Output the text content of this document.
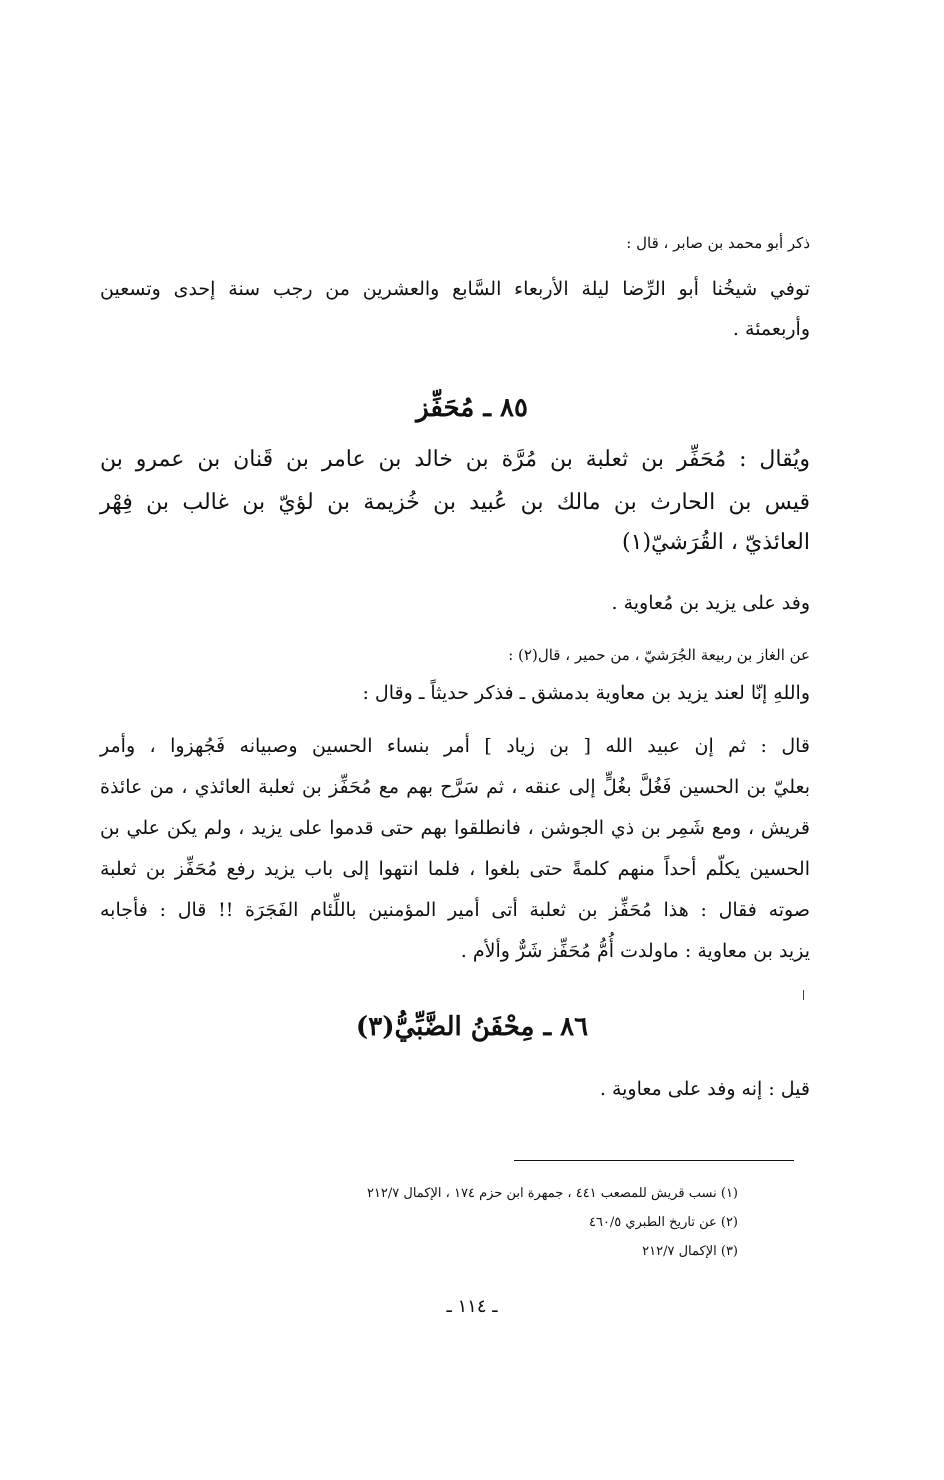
ذكر أبو محمد بن صابر ، قال :
توفي شيخُنا أبو الرِّضا ليلة الأربعاء السَّابع والعشرين من رجب سنة إحدى وتسعين
وأربعمئة .
٨٥ ـ مُحَفِّز
ويُقال : مُحَفِّر بن ثعلبة بن مُرَّة بن خالد بن عامر بن قَنان بن عمرو بن
قيس بن الحارث بن مالك بن عُبيد بن خُزيمة بن لؤيّ بن غالب بن فِهْر
العائذيّ ، القُرَشيّ(١)
وفد على يزيد بن مُعاوية .
عن الغاز بن ربيعة الجُرَشيّ ، من حمير ، قال(٢) :
واللهِ إنّا لعند يزيد بن معاوية بدمشق ـ فذكر حديثاً ـ وقال :
قال : ثم إن عبيد الله [ بن زياد ] أمر بنساء الحسين وصبيانه فَجُهزوا ، وأمر
بعليّ بن الحسين فَغُلَّ بغُلٍّ إلى عنقه ، ثم سَرَّح بهم مع مُحَفِّز بن ثعلبة العائذي ، من عائذة
قريش ، ومع شَمِر بن ذي الجوشن ، فانطلقوا بهم حتى قدموا على يزيد ، ولم يكن علي بن
الحسين يكلّم أحداً منهم كلمةً حتى بلغوا ، فلما انتهوا إلى باب يزيد رفع مُحَفِّز بن ثعلبة
صوته فقال : هذا مُحَفِّز بن ثعلبة أتى أمير المؤمنين باللِّئام الفَجَرَة !! قال : فأجابه
يزيد بن معاوية : ماولدت أُمُّ مُحَفِّز شَرٌّ وألأم .
٨٦ ـ مِحْفَنُ الضَّبِّيُّ(٣)
قيل : إنه وفد على معاوية .
(١) نسب قريش للمصعب ٤٤١ ، جمهرة ابن حزم ١٧٤ ، الإكمال ٢١٢/٧
(٢) عن تاريخ الطبري ٤٦٠/٥
(٣) الإكمال ٢١٢/٧
ـ ١١٤ ـ
